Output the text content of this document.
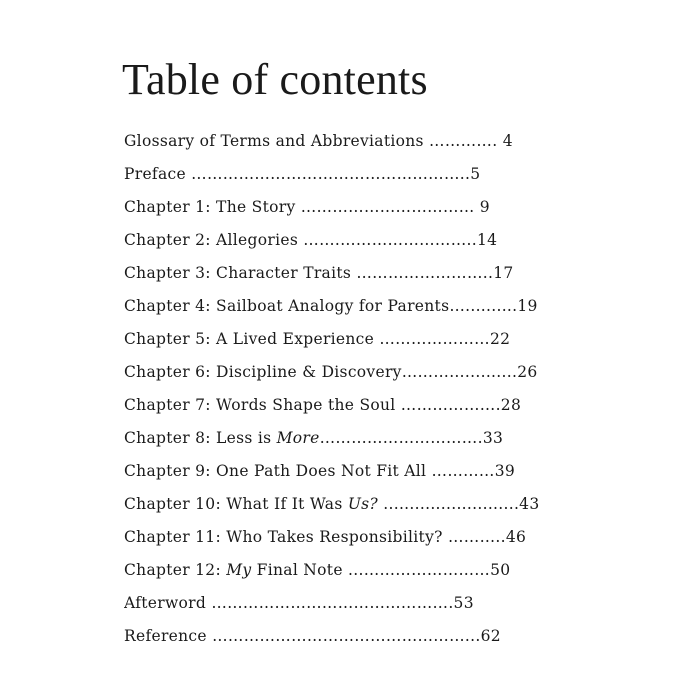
Table of contents
Glossary of Terms and Abbreviations …………. 4
Preface ……………………………………………..5
Chapter 1: The Story …………………………… 9
Chapter 2: Allegories …….……………………..14
Chapter 3: Character Traits ……………………..17
Chapter 4: Sailboat Analogy for Parents…..........19
Chapter 5: A Lived Experience …………………22
Chapter 6: Discipline & Discovery…………..........26
Chapter 7: Words Shape the Soul ……………….28
Chapter 8: Less is More………………………….33
Chapter 9: One Path Does Not Fit All …………39
Chapter 10: What If It Was Us? ..........................43
Chapter 11: Who Takes Responsibility? ………..46
Chapter 12: My Final Note ...……………………50
Afterword ……………………………………….53
Reference …………………………………………...62
